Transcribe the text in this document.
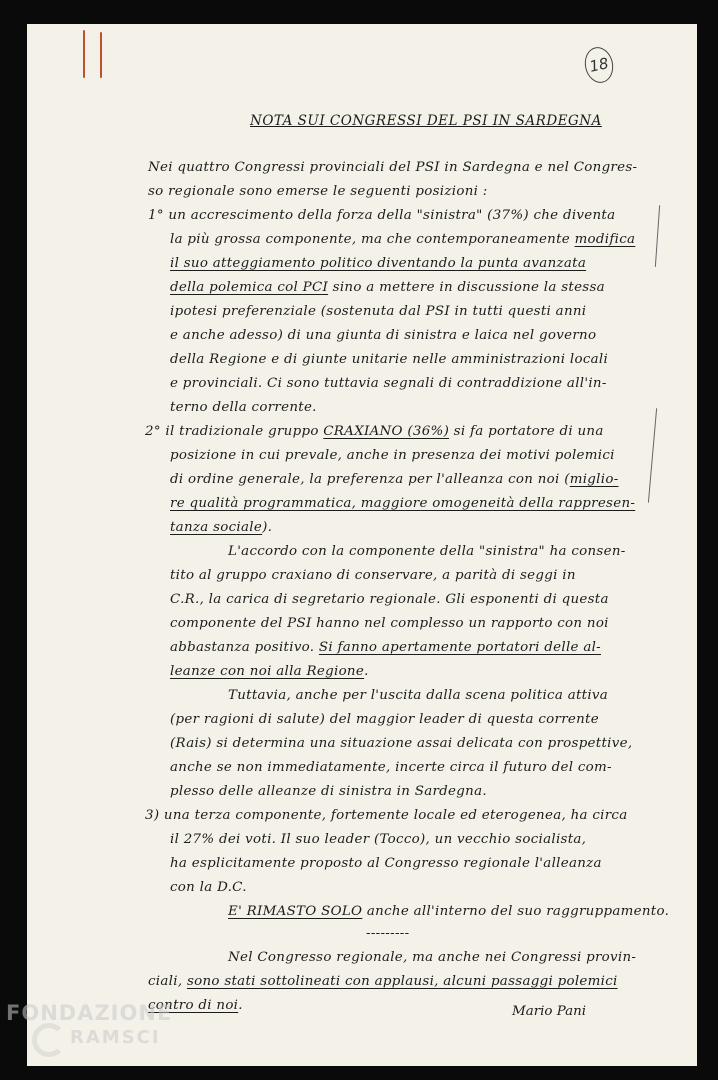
18
NOTA SUI CONGRESSI DEL PSI IN SARDEGNA
Nei quattro Congressi provinciali del PSI in Sardegna e nel Congres-
so regionale sono emerse le seguenti posizioni :
1° un accrescimento della forza della "sinistra" (37%) che diventa
la più grossa componente, ma che contemporaneamente modifica
il suo atteggiamento politico diventando la punta avanzata
della polemica col PCI sino a mettere in discussione la stessa
ipotesi preferenziale (sostenuta dal PSI in tutti questi anni
e anche adesso) di una giunta di sinistra e laica nel governo
della Regione e di giunte unitarie nelle amministrazioni locali
e provinciali. Ci sono tuttavia segnali di contraddizione all'in-
terno della corrente.
2° il tradizionale gruppo CRAXIANO (36%) si fa portatore di una
posizione in cui prevale, anche in presenza dei motivi polemici
di ordine generale, la preferenza per l'alleanza con noi (miglio-
re qualità programmatica, maggiore omogeneità della rappresen-
tanza sociale).
L'accordo con la componente della "sinistra" ha consen-
tito al gruppo craxiano di conservare, a parità di seggi in
C.R., la carica di segretario regionale. Gli esponenti di questa
componente del PSI hanno nel complesso un rapporto con noi
abbastanza positivo. Si fanno apertamente portatori delle al-
leanze con noi alla Regione.
Tuttavia, anche per l'uscita dalla scena politica attiva
(per ragioni di salute) del maggior leader di questa corrente
(Rais) si determina una situazione assai delicata con prospettive,
anche se non immediatamente, incerte circa il futuro del com-
plesso delle alleanze di sinistra in Sardegna.
3) una terza componente, fortemente locale ed eterogenea, ha circa
il 27% dei voti. Il suo leader (Tocco), un vecchio socialista,
ha esplicitamente proposto al Congresso regionale l'alleanza
con la D.C.
E' RIMASTO SOLO anche all'interno del suo raggruppamento.
---------
Nel Congresso regionale, ma anche nei Congressi provin-
ciali, sono stati sottolineati con applausi, alcuni passaggi polemici
contro di noi.	Mario Pani
FONDAZIONE
RAMSCI
